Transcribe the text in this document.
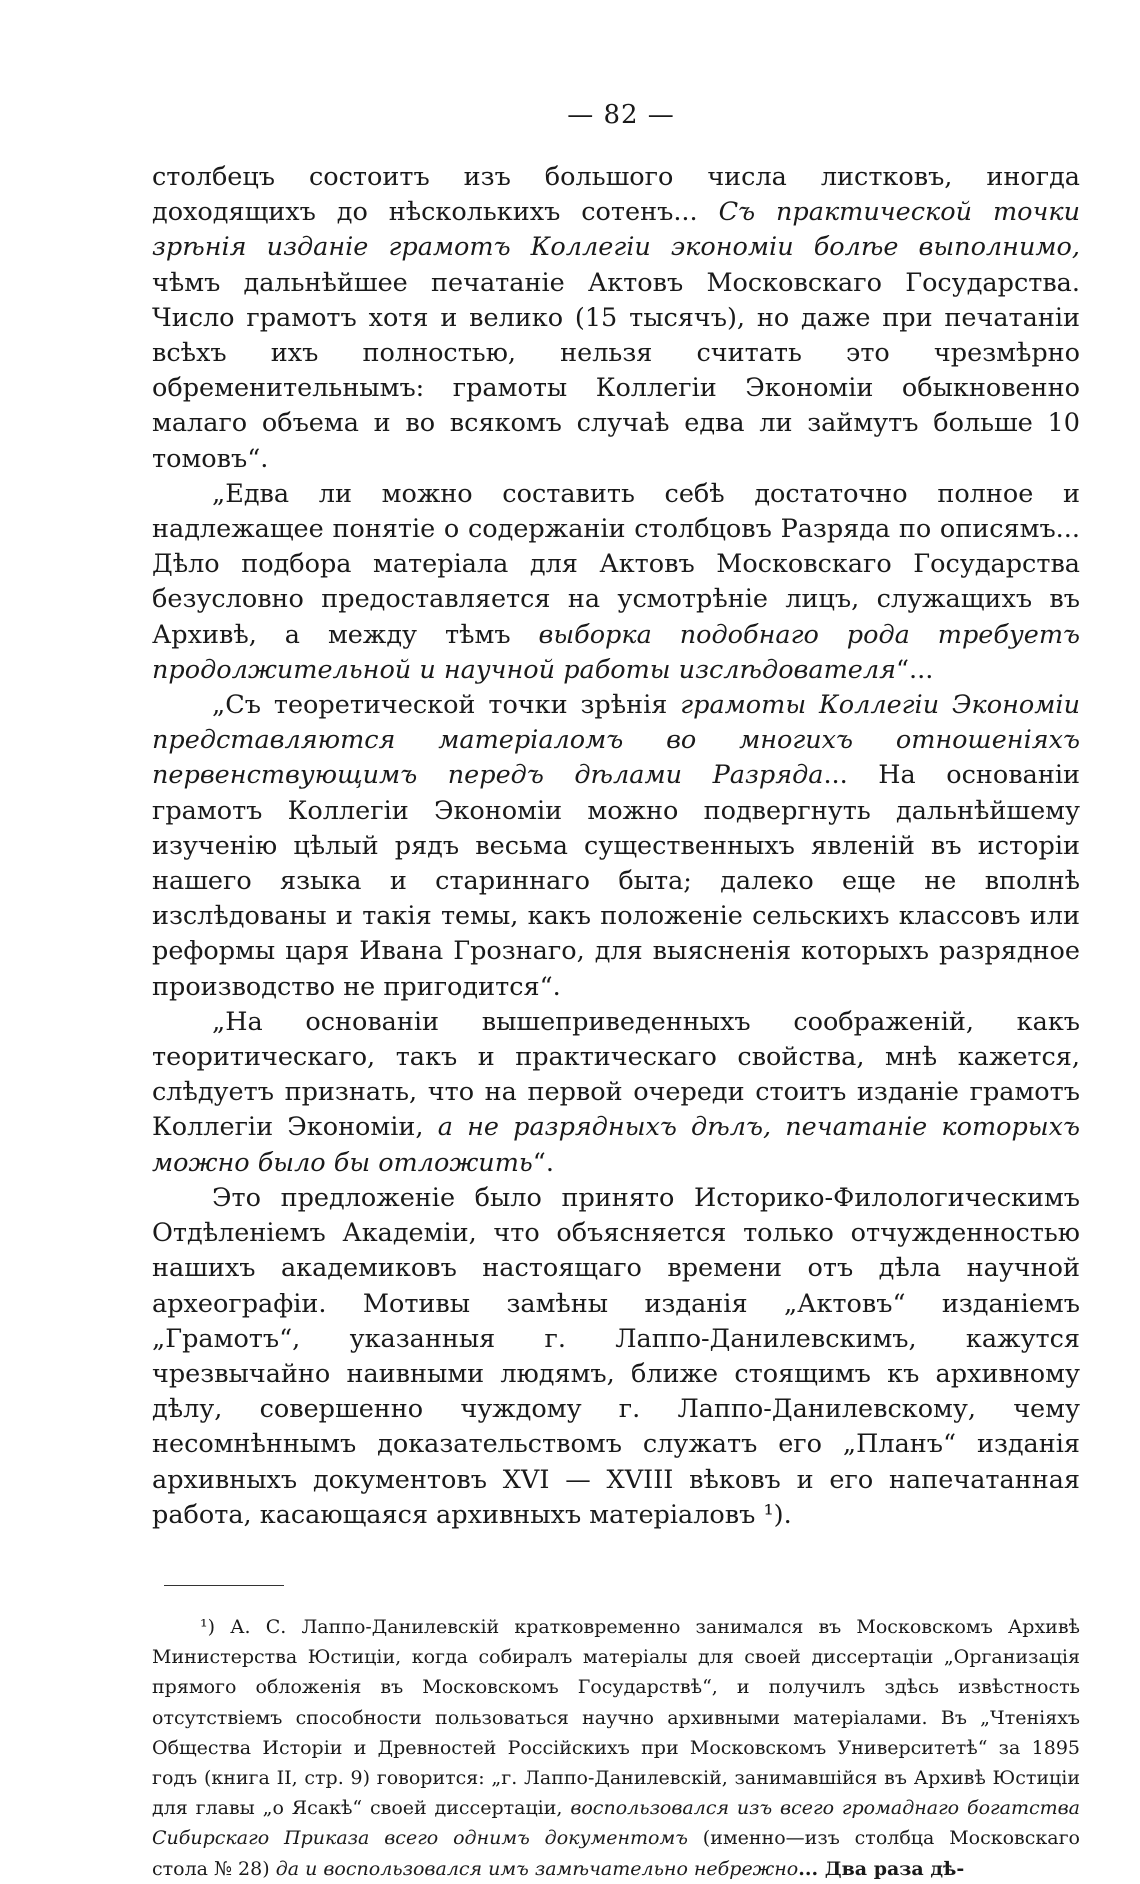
— 82 —

столбецъ состоитъ изъ большого числа листковъ, иногда доходящихъ до нѣсколькихъ сотенъ... Съ практической точки зрѣнія изданіе грамотъ Коллегіи экономіи болѣе выполнимо, чѣмъ дальнѣйшее печатаніе Актовъ Московскаго Государства. Число грамотъ хотя и велико (15 тысячъ), но даже при печатаніи всѣхъ ихъ полностью, нельзя считать это чрезмѣрно обременительнымъ: грамоты Коллегіи Экономіи обыкновенно малаго объема и во всякомъ случаѣ едва ли займутъ больше 10 томовъ“.

„Едва ли можно составить себѣ достаточно полное и надлежащее понятіе о содержаніи столбцовъ Разряда по описямъ... Дѣло подбора матеріала для Актовъ Московскаго Государства безусловно предоставляется на усмотрѣніе лицъ, служащихъ въ Архивѣ, а между тѣмъ выборка подобнаго рода требуетъ продолжительной и научной работы изслѣдователя“...

„Съ теоретической точки зрѣнія грамоты Коллегіи Экономіи представляются матеріаломъ во многихъ отношеніяхъ первенствующимъ передъ дѣлами Разряда... На основаніи грамотъ Коллегіи Экономіи можно подвергнуть дальнѣйшему изученію цѣлый рядъ весьма существенныхъ явленій въ исторіи нашего языка и стариннаго быта; далеко еще не вполнѣ изслѣдованы и такія темы, какъ положеніе сельскихъ классовъ или реформы царя Ивана Грознаго, для выясненія которыхъ разрядное производство не пригодится“.

„На основаніи вышеприведенныхъ соображеній, какъ теоритическаго, такъ и практическаго свойства, мнѣ кажется, слѣдуетъ признать, что на первой очереди стоитъ изданіе грамотъ Коллегіи Экономіи, а не разрядныхъ дѣлъ, печатаніе которыхъ можно было бы отложить“.

Это предложеніе было принято Историко-Филологическимъ Отдѣленіемъ Академіи, что объясняется только отчужденностью нашихъ академиковъ настоящаго времени отъ дѣла научной археографіи. Мотивы замѣны изданія „Актовъ“ изданіемъ „Грамотъ“, указанныя г. Лаппо-Данилевскимъ, кажутся чрезвычайно наивными людямъ, ближе стоящимъ къ архивному дѣлу, совершенно чуждому г. Лаппо-Данилевскому, чему несомнѣннымъ доказательствомъ служатъ его „Планъ“ изданія архивныхъ документовъ XVI — XVIII вѣковъ и его напечатанная работа, касающаяся архивныхъ матеріаловъ ¹).

¹) А. С. Лаппо-Данилевскій кратковременно занимался въ Московскомъ Архивѣ Министерства Юстиціи, когда собиралъ матеріалы для своей диссертаціи „Организація прямого обложенія въ Московскомъ Государствѣ“, и получилъ здѣсь извѣстность отсутствіемъ способности пользоваться научно архивными матеріалами. Въ „Чтеніяхъ Общества Исторіи и Древностей Россійскихъ при Московскомъ Университетѣ“ за 1895 годъ (книга II, стр. 9) говорится: „г. Лаппо-Данилевскій, занимавшійся въ Архивѣ Юстиціи для главы „о Ясакѣ“ своей диссертаціи, воспользовался изъ всего громаднаго богатства Сибирскаго Приказа всего однимъ документомъ (именно—изъ столбца Московскаго стола № 28) да и воспользовался имъ замѣчательно небрежно... Два раза дѣ-
